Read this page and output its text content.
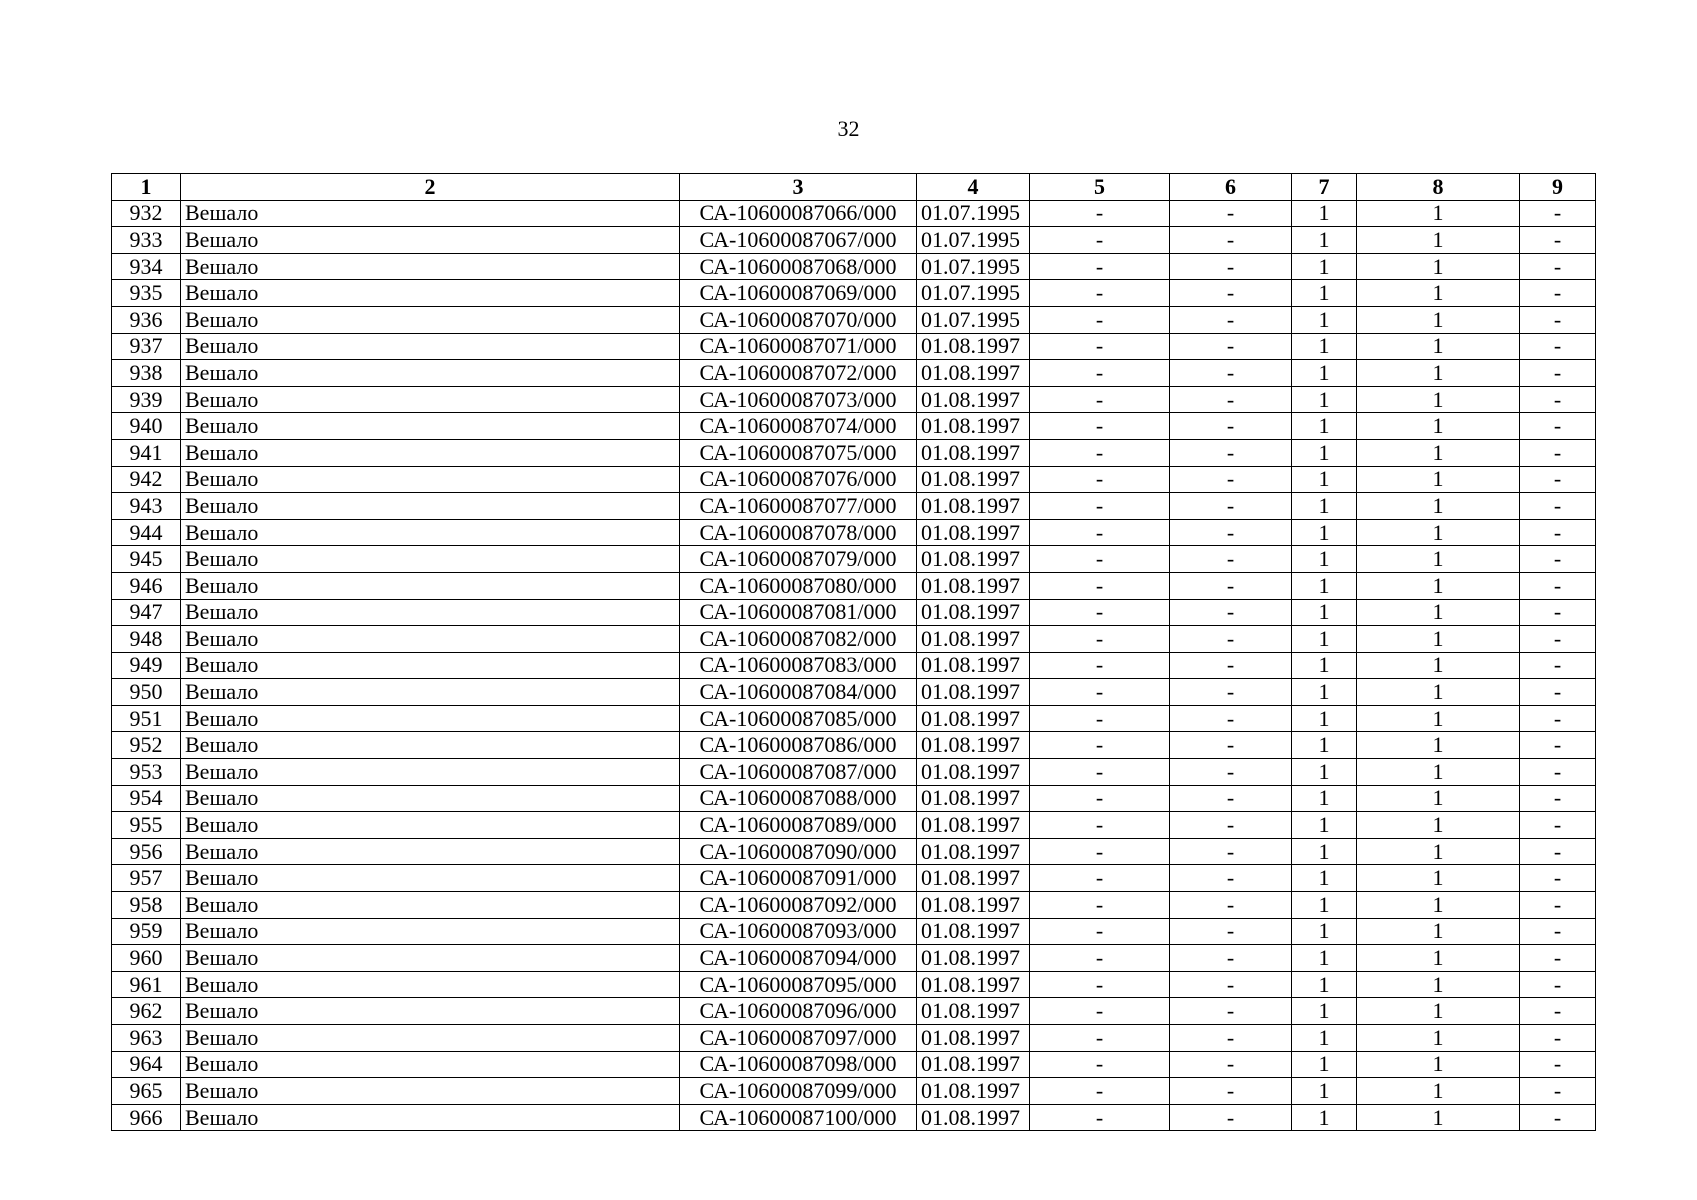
32
1	2	3	4	5	6	7	8	9
932	Вешало	СА-10600087066/000	01.07.1995	-	-	1	1	-
933	Вешало	СА-10600087067/000	01.07.1995	-	-	1	1	-
934	Вешало	СА-10600087068/000	01.07.1995	-	-	1	1	-
935	Вешало	СА-10600087069/000	01.07.1995	-	-	1	1	-
936	Вешало	СА-10600087070/000	01.07.1995	-	-	1	1	-
937	Вешало	СА-10600087071/000	01.08.1997	-	-	1	1	-
938	Вешало	СА-10600087072/000	01.08.1997	-	-	1	1	-
939	Вешало	СА-10600087073/000	01.08.1997	-	-	1	1	-
940	Вешало	СА-10600087074/000	01.08.1997	-	-	1	1	-
941	Вешало	СА-10600087075/000	01.08.1997	-	-	1	1	-
942	Вешало	СА-10600087076/000	01.08.1997	-	-	1	1	-
943	Вешало	СА-10600087077/000	01.08.1997	-	-	1	1	-
944	Вешало	СА-10600087078/000	01.08.1997	-	-	1	1	-
945	Вешало	СА-10600087079/000	01.08.1997	-	-	1	1	-
946	Вешало	СА-10600087080/000	01.08.1997	-	-	1	1	-
947	Вешало	СА-10600087081/000	01.08.1997	-	-	1	1	-
948	Вешало	СА-10600087082/000	01.08.1997	-	-	1	1	-
949	Вешало	СА-10600087083/000	01.08.1997	-	-	1	1	-
950	Вешало	СА-10600087084/000	01.08.1997	-	-	1	1	-
951	Вешало	СА-10600087085/000	01.08.1997	-	-	1	1	-
952	Вешало	СА-10600087086/000	01.08.1997	-	-	1	1	-
953	Вешало	СА-10600087087/000	01.08.1997	-	-	1	1	-
954	Вешало	СА-10600087088/000	01.08.1997	-	-	1	1	-
955	Вешало	СА-10600087089/000	01.08.1997	-	-	1	1	-
956	Вешало	СА-10600087090/000	01.08.1997	-	-	1	1	-
957	Вешало	СА-10600087091/000	01.08.1997	-	-	1	1	-
958	Вешало	СА-10600087092/000	01.08.1997	-	-	1	1	-
959	Вешало	СА-10600087093/000	01.08.1997	-	-	1	1	-
960	Вешало	СА-10600087094/000	01.08.1997	-	-	1	1	-
961	Вешало	СА-10600087095/000	01.08.1997	-	-	1	1	-
962	Вешало	СА-10600087096/000	01.08.1997	-	-	1	1	-
963	Вешало	СА-10600087097/000	01.08.1997	-	-	1	1	-
964	Вешало	СА-10600087098/000	01.08.1997	-	-	1	1	-
965	Вешало	СА-10600087099/000	01.08.1997	-	-	1	1	-
966	Вешало	СА-10600087100/000	01.08.1997	-	-	1	1	-
